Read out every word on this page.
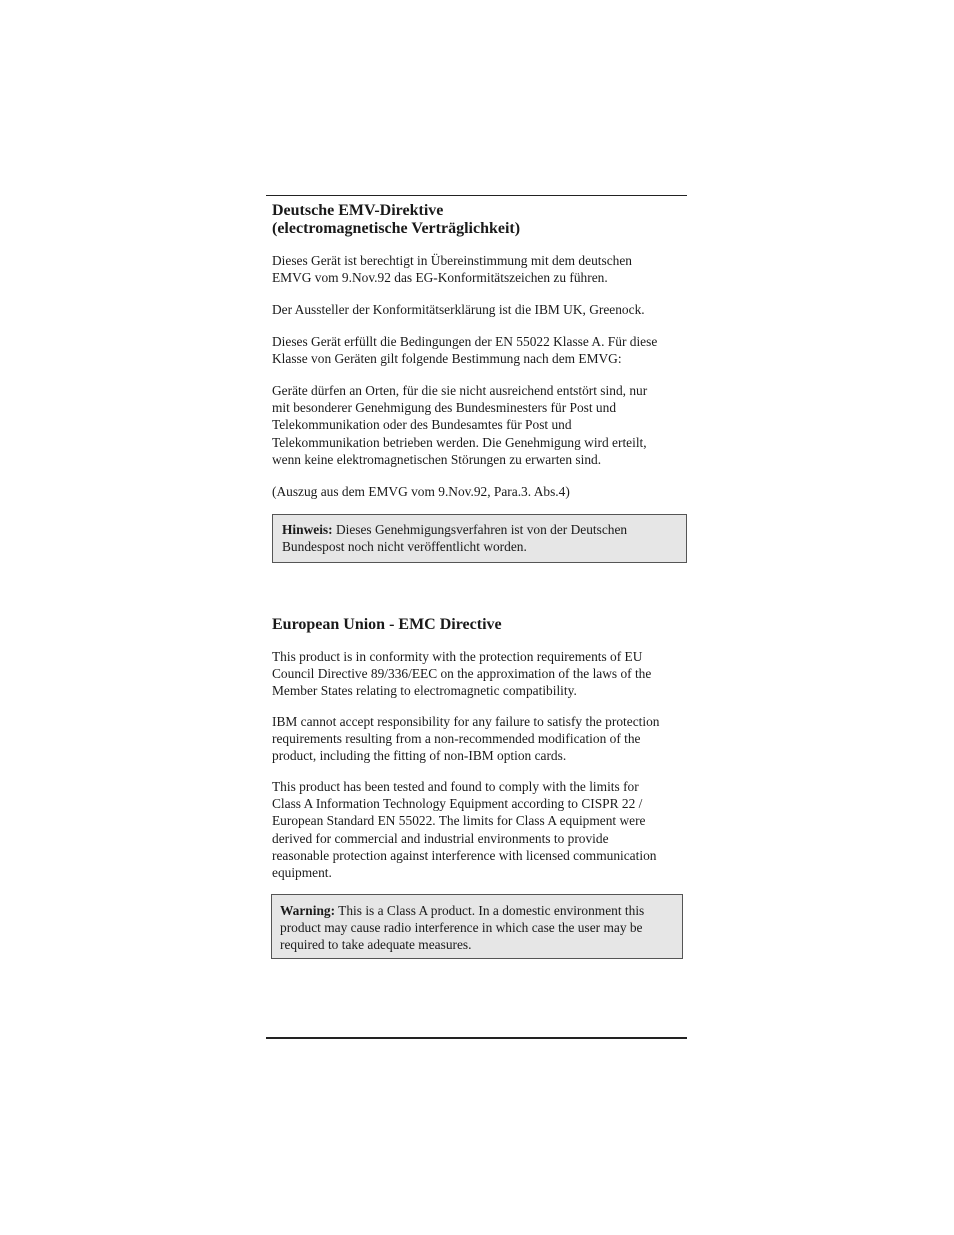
Deutsche EMV-Direktive
(electromagnetische Verträglichkeit)

Dieses Gerät ist berechtigt in Übereinstimmung mit dem deutschen
EMVG vom 9.Nov.92 das EG-Konformitätszeichen zu führen.

Der Aussteller der Konformitätserklärung ist die IBM UK, Greenock.

Dieses Gerät erfüllt die Bedingungen der EN 55022 Klasse A. Für diese
Klasse von Geräten gilt folgende Bestimmung nach dem EMVG:

Geräte dürfen an Orten, für die sie nicht ausreichend entstört sind, nur
mit besonderer Genehmigung des Bundesminesters für Post und
Telekommunikation oder des Bundesamtes für Post und
Telekommunikation betrieben werden. Die Genehmigung wird erteilt,
wenn keine elektromagnetischen Störungen zu erwarten sind.

(Auszug aus dem EMVG vom 9.Nov.92, Para.3. Abs.4)

Hinweis: Dieses Genehmigungsverfahren ist von der Deutschen
Bundespost noch nicht veröffentlicht worden.
European Union - EMC Directive

This product is in conformity with the protection requirements of EU
Council Directive 89/336/EEC on the approximation of the laws of the
Member States relating to electromagnetic compatibility.

IBM cannot accept responsibility for any failure to satisfy the protection
requirements resulting from a non-recommended modification of the
product, including the fitting of non-IBM option cards.

This product has been tested and found to comply with the limits for
Class A Information Technology Equipment according to CISPR 22 /
European Standard EN 55022. The limits for Class A equipment were
derived for commercial and industrial environments to provide
reasonable protection against interference with licensed communication
equipment.

Warning: This is a Class A product. In a domestic environment this
product may cause radio interference in which case the user may be
required to take adequate measures.
